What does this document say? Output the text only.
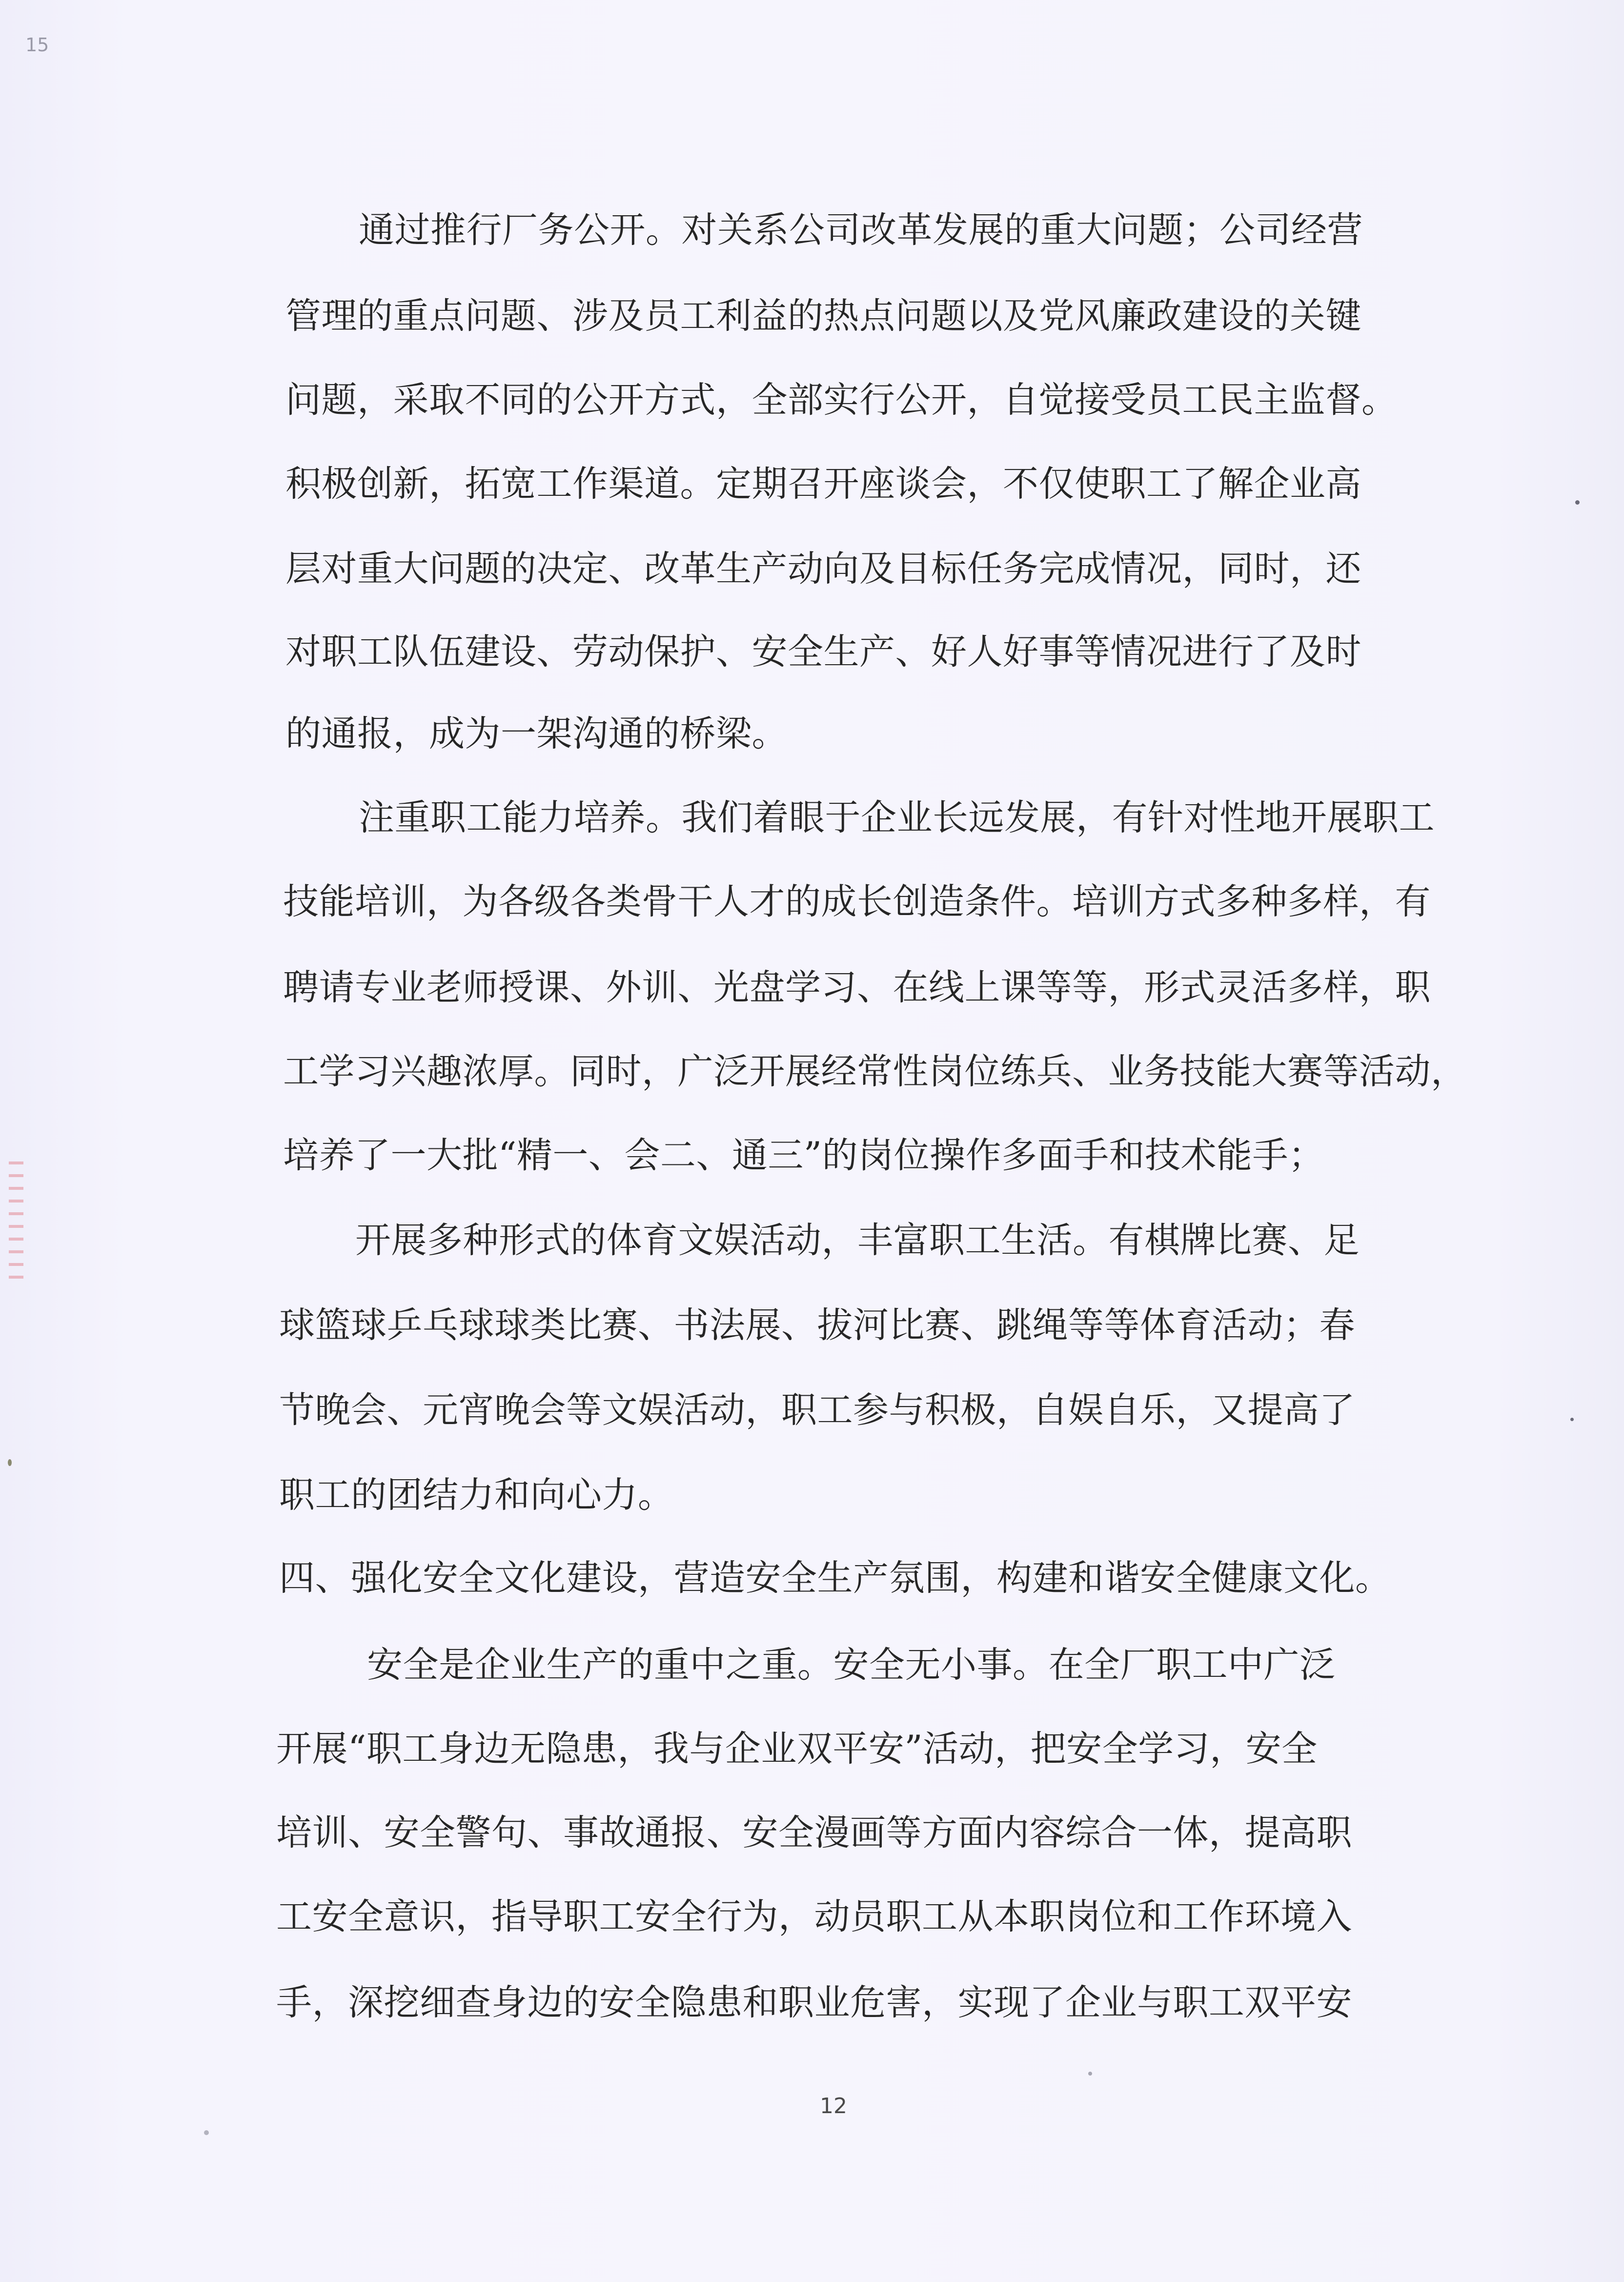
15

通过推行厂务公开。对关系公司改革发展的重大问题；公司经营

管理的重点问题、涉及员工利益的热点问题以及党风廉政建设的关键

问题，采取不同的公开方式，全部实行公开，自觉接受员工民主监督。

积极创新，拓宽工作渠道。定期召开座谈会，不仅使职工了解企业高

层对重大问题的决定、改革生产动向及目标任务完成情况，同时，还

对职工队伍建设、劳动保护、安全生产、好人好事等情况进行了及时

的通报，成为一架沟通的桥梁。

注重职工能力培养。我们着眼于企业长远发展，有针对性地开展职工

技能培训，为各级各类骨干人才的成长创造条件。培训方式多种多样，有

聘请专业老师授课、外训、光盘学习、在线上课等等，形式灵活多样，职

工学习兴趣浓厚。同时，广泛开展经常性岗位练兵、业务技能大赛等活动，

培养了一大批“精一、会二、通三”的岗位操作多面手和技术能手；

开展多种形式的体育文娱活动，丰富职工生活。有棋牌比赛、足

球篮球乒乓球球类比赛、书法展、拔河比赛、跳绳等等体育活动；春

节晚会、元宵晚会等文娱活动，职工参与积极，自娱自乐，又提高了

职工的团结力和向心力。

四、强化安全文化建设，营造安全生产氛围，构建和谐安全健康文化。

安全是企业生产的重中之重。安全无小事。在全厂职工中广泛

开展“职工身边无隐患，我与企业双平安”活动，把安全学习，安全

培训、安全警句、事故通报、安全漫画等方面内容综合一体，提高职

工安全意识，指导职工安全行为，动员职工从本职岗位和工作环境入

手，深挖细查身边的安全隐患和职业危害，实现了企业与职工双平安

12
